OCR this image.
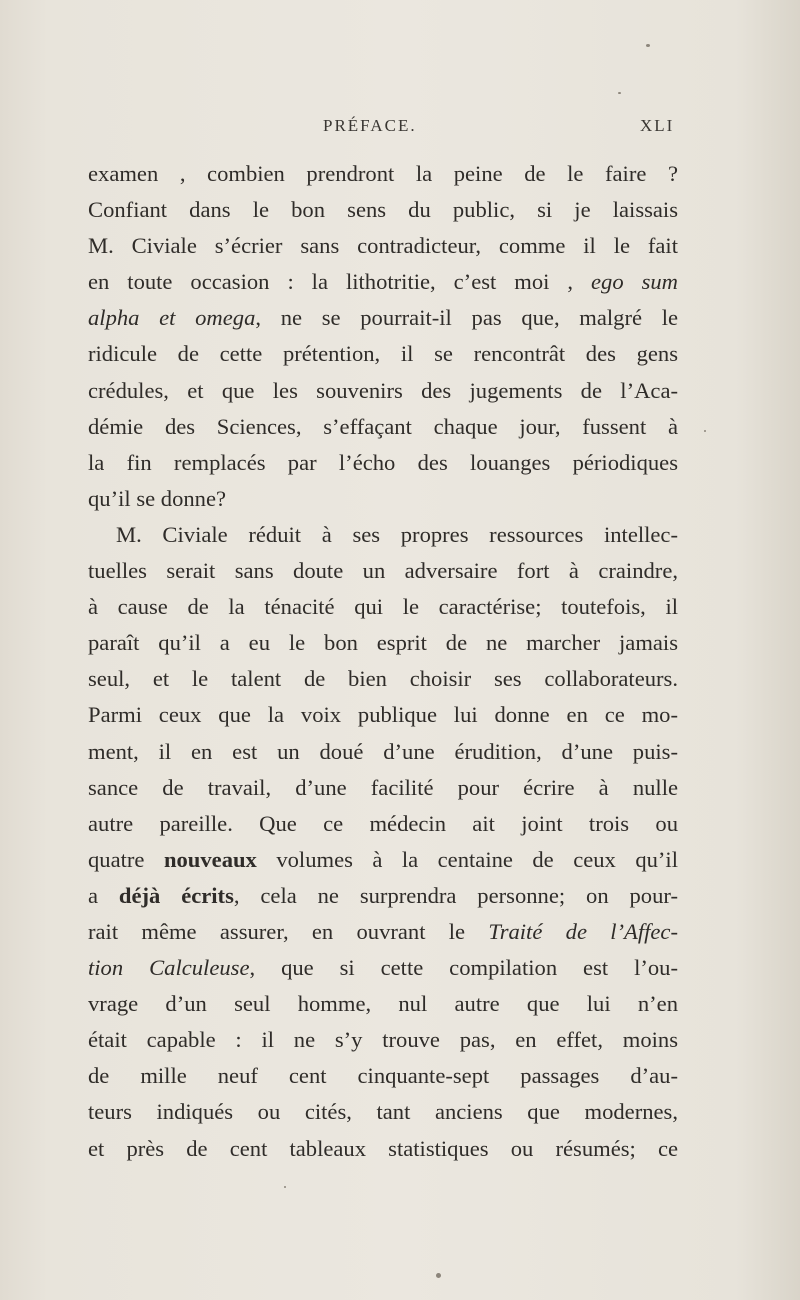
PRÉFACE.	XLI
examen , combien prendront la peine de le faire ?
Confiant dans le bon sens du public, si je laissais
M. Civiale s’écrier sans contradicteur, comme il le fait
en toute occasion : la lithotritie, c’est moi , ego sum
alpha et omega, ne se pourrait-il pas que, malgré le
ridicule de cette prétention, il se rencontrât des gens
crédules, et que les souvenirs des jugements de l’Aca-
démie des Sciences, s’effaçant chaque jour, fussent à
la fin remplacés par l’écho des louanges périodiques
qu’il se donne?
M. Civiale réduit à ses propres ressources intellec-
tuelles serait sans doute un adversaire fort à craindre,
à cause de la ténacité qui le caractérise; toutefois, il
paraît qu’il a eu le bon esprit de ne marcher jamais
seul, et le talent de bien choisir ses collaborateurs.
Parmi ceux que la voix publique lui donne en ce mo-
ment, il en est un doué d’une érudition, d’une puis-
sance de travail, d’une facilité pour écrire à nulle
autre pareille. Que ce médecin ait joint trois ou
quatre nouveaux volumes à la centaine de ceux qu’il
a déjà écrits, cela ne surprendra personne; on pour-
rait même assurer, en ouvrant le Traité de l’Affec-
tion Calculeuse, que si cette compilation est l’ou-
vrage d’un seul homme, nul autre que lui n’en
était capable : il ne s’y trouve pas, en effet, moins
de mille neuf cent cinquante-sept passages d’au-
teurs indiqués ou cités, tant anciens que modernes,
et près de cent tableaux statistiques ou résumés; ce
